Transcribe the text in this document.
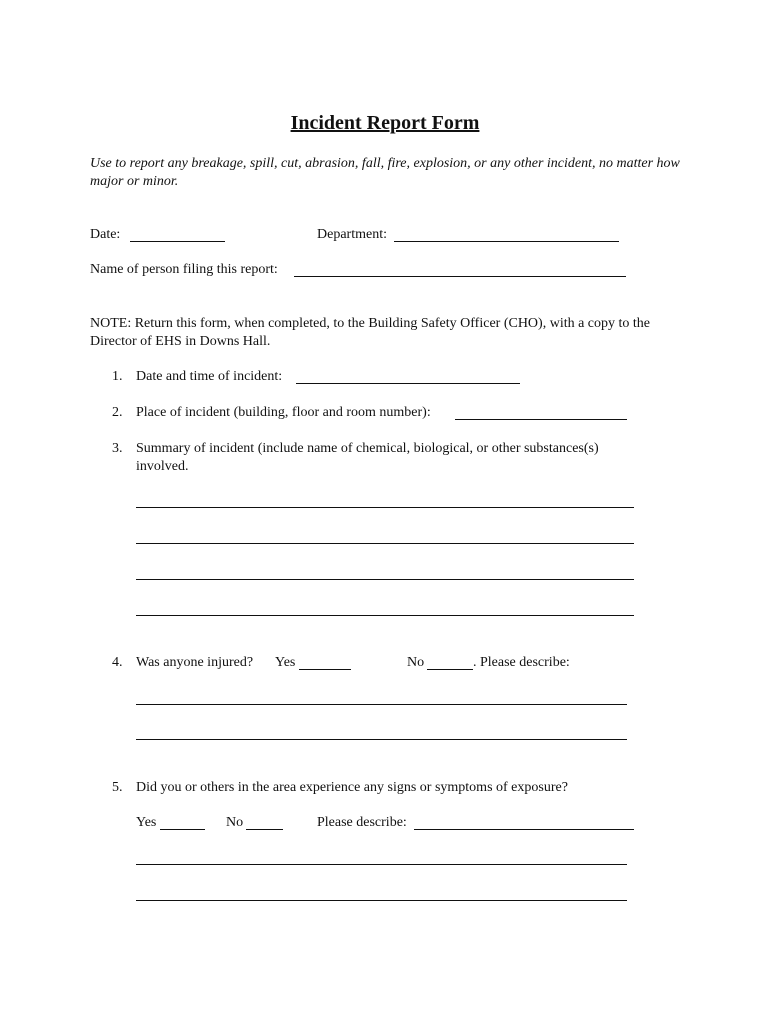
Incident Report Form
Use to report any breakage, spill, cut, abrasion, fall, fire, explosion, or any other incident, no matter how major or minor.
Date:	Department:
Name of person filing this report:
NOTE: Return this form, when completed, to the Building Safety Officer (CHO), with a copy to the Director of EHS in Downs Hall.
1. Date and time of incident:
2. Place of incident (building, floor and room number):
3. Summary of incident (include name of chemical, biological, or other substances(s)
involved.
4. Was anyone injured? Yes	No	. Please describe:
5. Did you or others in the area experience any signs or symptoms of exposure?
Yes	No	Please describe:
